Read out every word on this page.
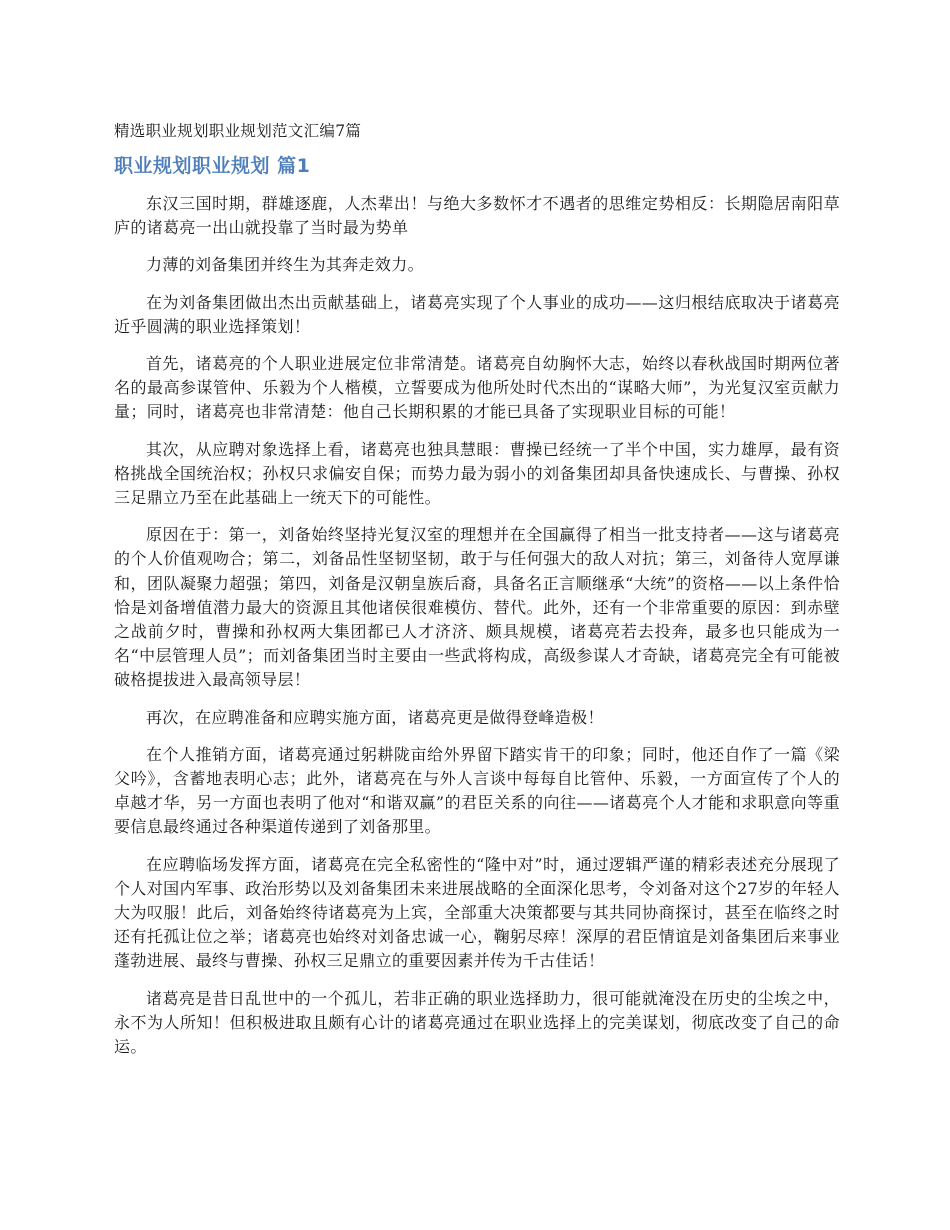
精选职业规划职业规划范文汇编7篇
职业规划职业规划 篇1

东汉三国时期，群雄逐鹿，人杰辈出！与绝大多数怀才不遇者的思维定势相反：长期隐居南阳草庐的诸葛亮一出山就投靠了当时最为势单

力薄的刘备集团并终生为其奔走效力。

在为刘备集团做出杰出贡献基础上，诸葛亮实现了个人事业的成功——这归根结底取决于诸葛亮近乎圆满的职业选择策划！

首先，诸葛亮的个人职业进展定位非常清楚。诸葛亮自幼胸怀大志，始终以春秋战国时期两位著名的最高参谋管仲、乐毅为个人楷模，立誓要成为他所处时代杰出的“谋略大师”，为光复汉室贡献力量；同时，诸葛亮也非常清楚：他自己长期积累的才能已具备了实现职业目标的可能！

其次，从应聘对象选择上看，诸葛亮也独具慧眼：曹操已经统一了半个中国，实力雄厚，最有资格挑战全国统治权；孙权只求偏安自保；而势力最为弱小的刘备集团却具备快速成长、与曹操、孙权三足鼎立乃至在此基础上一统天下的可能性。

原因在于：第一，刘备始终坚持光复汉室的理想并在全国赢得了相当一批支持者——这与诸葛亮的个人价值观吻合；第二，刘备品性坚韧坚韧，敢于与任何强大的敌人对抗；第三，刘备待人宽厚谦和，团队凝聚力超强；第四，刘备是汉朝皇族后裔，具备名正言顺继承“大统”的资格——以上条件恰恰是刘备增值潜力最大的资源且其他诸侯很难模仿、替代。此外，还有一个非常重要的原因：到赤壁之战前夕时，曹操和孙权两大集团都已人才济济、颇具规模，诸葛亮若去投奔，最多也只能成为一名“中层管理人员”；而刘备集团当时主要由一些武将构成，高级参谋人才奇缺，诸葛亮完全有可能被破格提拔进入最高领导层！

再次，在应聘准备和应聘实施方面，诸葛亮更是做得登峰造极！

在个人推销方面，诸葛亮通过躬耕陇亩给外界留下踏实肯干的印象；同时，他还自作了一篇《梁父吟》，含蓄地表明心志；此外，诸葛亮在与外人言谈中每每自比管仲、乐毅，一方面宣传了个人的卓越才华，另一方面也表明了他对“和谐双赢”的君臣关系的向往——诸葛亮个人才能和求职意向等重要信息最终通过各种渠道传递到了刘备那里。

在应聘临场发挥方面，诸葛亮在完全私密性的“隆中对”时，通过逻辑严谨的精彩表述充分展现了个人对国内军事、政治形势以及刘备集团未来进展战略的全面深化思考，令刘备对这个27岁的年轻人大为叹服！此后，刘备始终待诸葛亮为上宾，全部重大决策都要与其共同协商探讨，甚至在临终之时还有托孤让位之举；诸葛亮也始终对刘备忠诚一心，鞠躬尽瘁！深厚的君臣情谊是刘备集团后来事业蓬勃进展、最终与曹操、孙权三足鼎立的重要因素并传为千古佳话！

诸葛亮是昔日乱世中的一个孤儿，若非正确的职业选择助力，很可能就淹没在历史的尘埃之中，永不为人所知！但积极进取且颇有心计的诸葛亮通过在职业选择上的完美谋划，彻底改变了自己的命运。
